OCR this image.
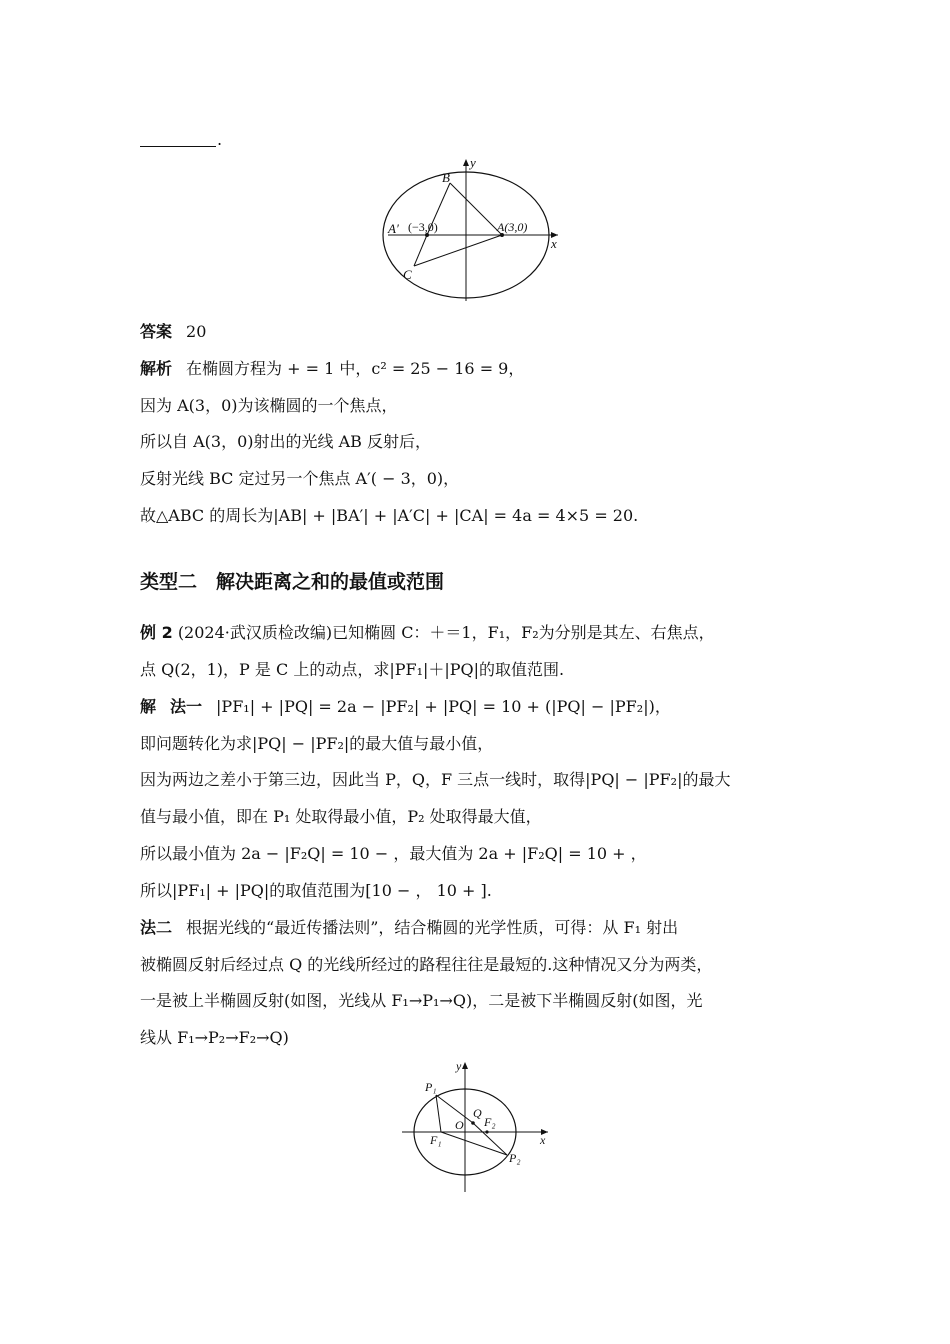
.
y
x
B
A′ (−3,0)	A(3,0)
C
答案 20
解析 在椭圆方程为 + = 1 中，c² = 25 − 16 = 9，
因为 A(3，0)为该椭圆的一个焦点，
所以自 A(3，0)射出的光线 AB 反射后，
反射光线 BC 定过另一个焦点 A′( − 3，0)，
故△ABC 的周长为|AB| + |BA′| + |A′C| + |CA| = 4a = 4×5 = 20.
类型二　解决距离之和的最值或范围
例 2 (2024·武汉质检改编)已知椭圆 C：＋＝1，F₁，F₂为分别是其左、右焦点，
点 Q(2，1)，P 是 C 上的动点，求|PF₁|＋|PQ|的取值范围.
解 法一 |PF₁| + |PQ| = 2a − |PF₂| + |PQ| = 10 + (|PQ| − |PF₂|)，
即问题转化为求|PQ| − |PF₂|的最大值与最小值，
因为两边之差小于第三边，因此当 P，Q，F 三点一线时，取得|PQ| − |PF₂|的最大
值与最小值，即在 P₁ 处取得最小值，P₂ 处取得最大值，
所以最小值为 2a − |F₂Q| = 10 − ，最大值为 2a + |F₂Q| = 10 + ，
所以|PF₁| + |PQ|的取值范围为[10 − ， 10 + ].
法二 根据光线的“最近传播法则”，结合椭圆的光学性质，可得：从 F₁ 射出
被椭圆反射后经过点 Q 的光线所经过的路程往往是最短的.这种情况又分为两类，
一是被上半椭圆反射(如图，光线从 F₁→P₁→Q)，二是被下半椭圆反射(如图，光
线从 F₁→P₂→F₂→Q)
y
x
P₁
Q
O F₂
F₁
P₂
